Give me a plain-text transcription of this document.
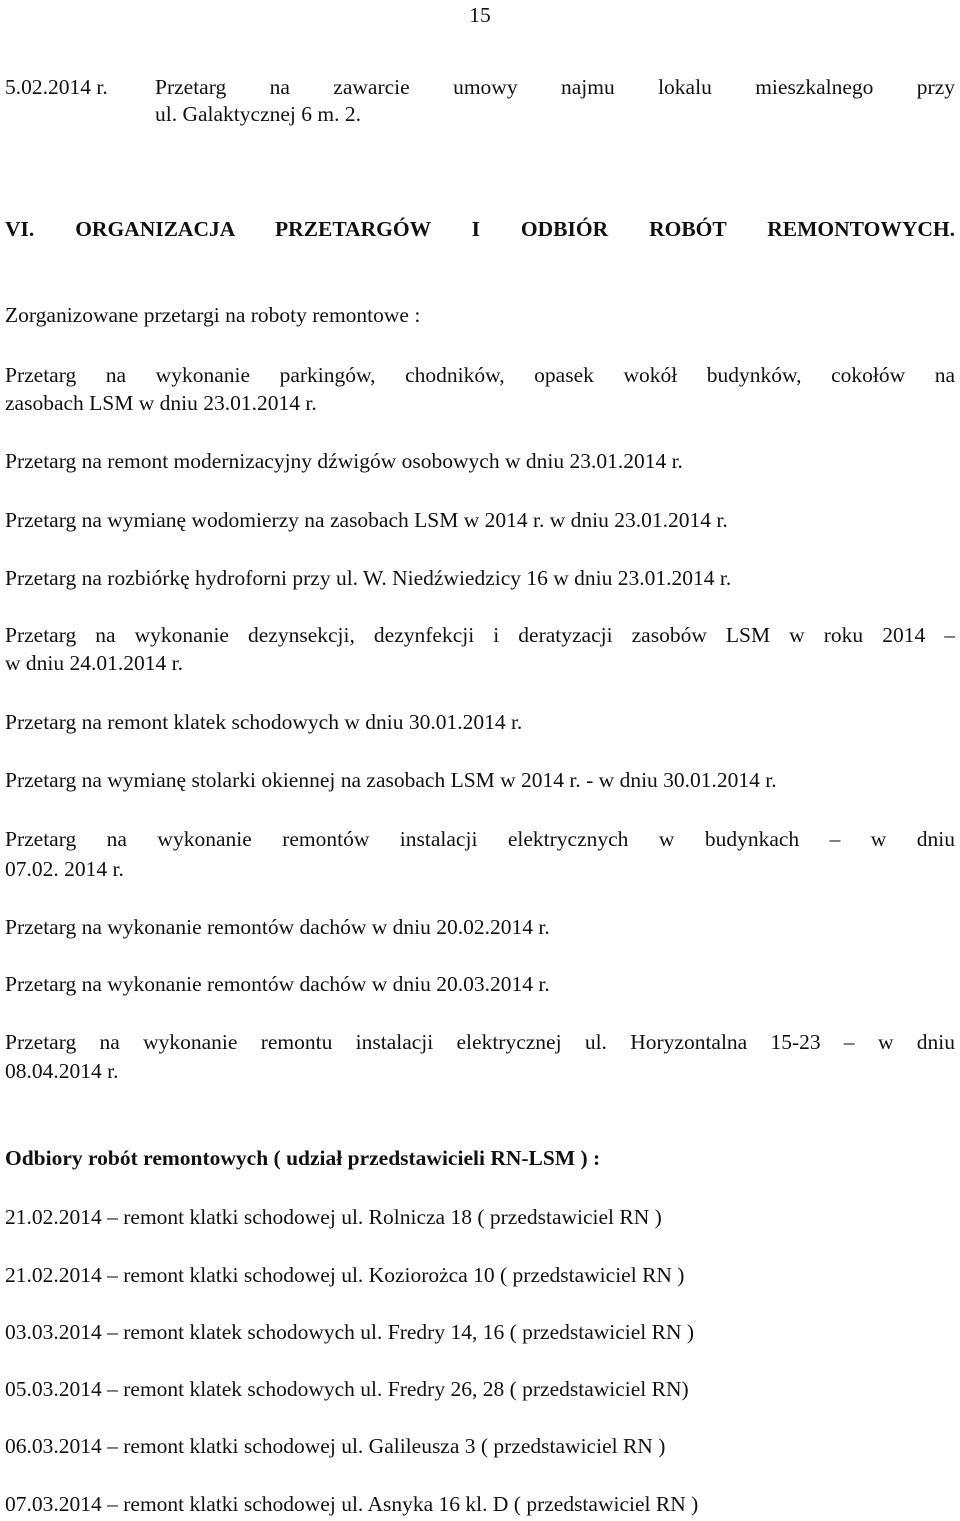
15

5.02.2014 r.	Przetarg na zawarcie umowy najmu lokalu mieszkalnego przy

ul. Galaktycznej 6 m. 2.

VI. ORGANIZACJA PRZETARGÓW I ODBIÓR ROBÓT REMONTOWYCH.

Zorganizowane przetargi na roboty remontowe :

Przetarg na wykonanie parkingów, chodników, opasek wokół budynków, cokołów na

zasobach LSM w dniu 23.01.2014 r.

Przetarg na remont modernizacyjny dźwigów osobowych w dniu 23.01.2014 r.

Przetarg na wymianę wodomierzy na zasobach LSM w 2014 r. w dniu 23.01.2014 r.

Przetarg na rozbiórkę hydroforni przy ul. W. Niedźwiedzicy 16 w dniu 23.01.2014 r.

Przetarg na wykonanie dezynsekcji, dezynfekcji i deratyzacji zasobów LSM w roku 2014 –

w dniu 24.01.2014 r.

Przetarg na remont klatek schodowych w dniu 30.01.2014 r.

Przetarg na wymianę stolarki okiennej na zasobach LSM w 2014 r. - w dniu 30.01.2014 r.

Przetarg na wykonanie remontów instalacji elektrycznych w budynkach – w dniu

07.02. 2014 r.

Przetarg na wykonanie remontów dachów w dniu 20.02.2014 r.

Przetarg na wykonanie remontów dachów w dniu 20.03.2014 r.

Przetarg na wykonanie remontu instalacji elektrycznej ul. Horyzontalna 15-23 – w dniu

08.04.2014 r.

Odbiory robót remontowych ( udział przedstawicieli RN-LSM ) :

21.02.2014 – remont klatki schodowej ul. Rolnicza 18 ( przedstawiciel RN )

21.02.2014 – remont klatki schodowej ul. Koziorożca 10 ( przedstawiciel RN )

03.03.2014 – remont klatek schodowych ul. Fredry 14, 16 ( przedstawiciel RN )

05.03.2014 – remont klatek schodowych ul. Fredry 26, 28 ( przedstawiciel RN)

06.03.2014 – remont klatki schodowej ul. Galileusza 3 ( przedstawiciel RN )

07.03.2014 – remont klatki schodowej ul. Asnyka 16 kl. D ( przedstawiciel RN )
